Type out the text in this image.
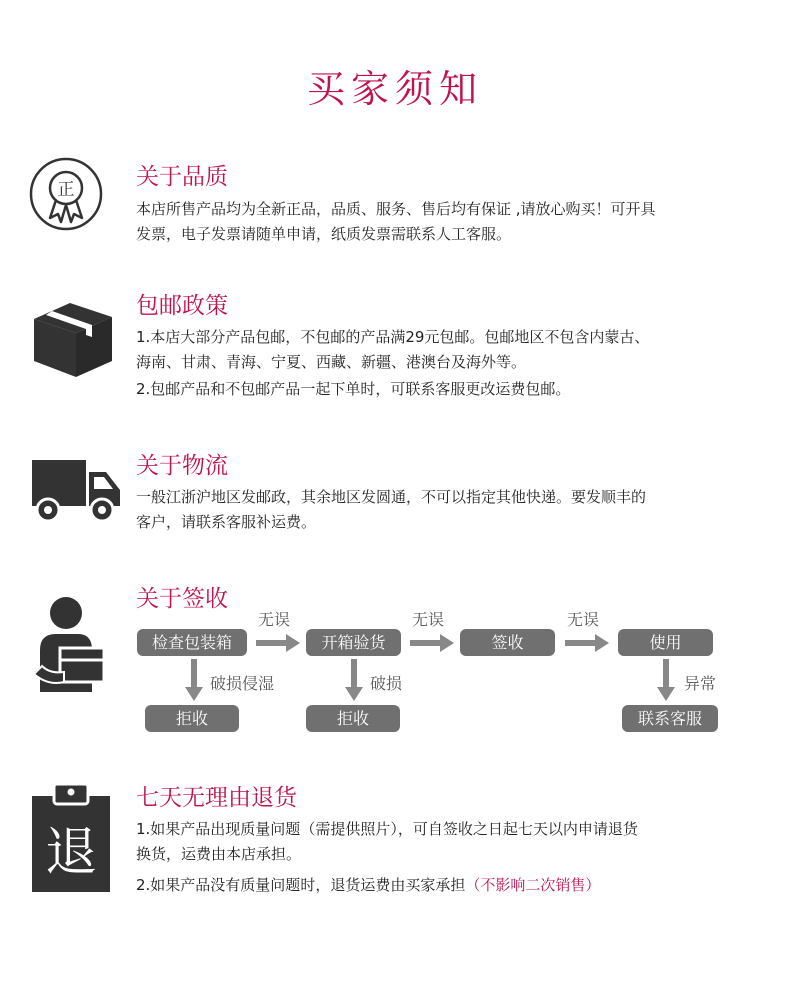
买家须知
正	关于品质

本店所售产品均为全新正品，品质、服务、售后均有保证 ,请放心购买！可开具
发票，电子发票请随单申请，纸质发票需联系人工客服。

包邮政策

1.本店大部分产品包邮，不包邮的产品满29元包邮。包邮地区不包含内蒙古、
海南、甘肃、青海、宁夏、西藏、新疆、港澳台及海外等。

2.包邮产品和不包邮产品一起下单时，可联系客服更改运费包邮。

关于物流

一般江浙沪地区发邮政，其余地区发圆通，不可以指定其他快递。要发顺丰的
客户，请联系客服补运费。

关于签收
检查包装箱	开箱验货	签收	使用
无误	无误	无误
破损侵湿	破损	异常
拒收	拒收	联系客服
退
七天无理由退货

1.如果产品出现质量问题（需提供照片），可自签收之日起七天以内申请退货
换货，运费由本店承担。

2.如果产品没有质量问题时，退货运费由买家承担（不影响二次销售）
